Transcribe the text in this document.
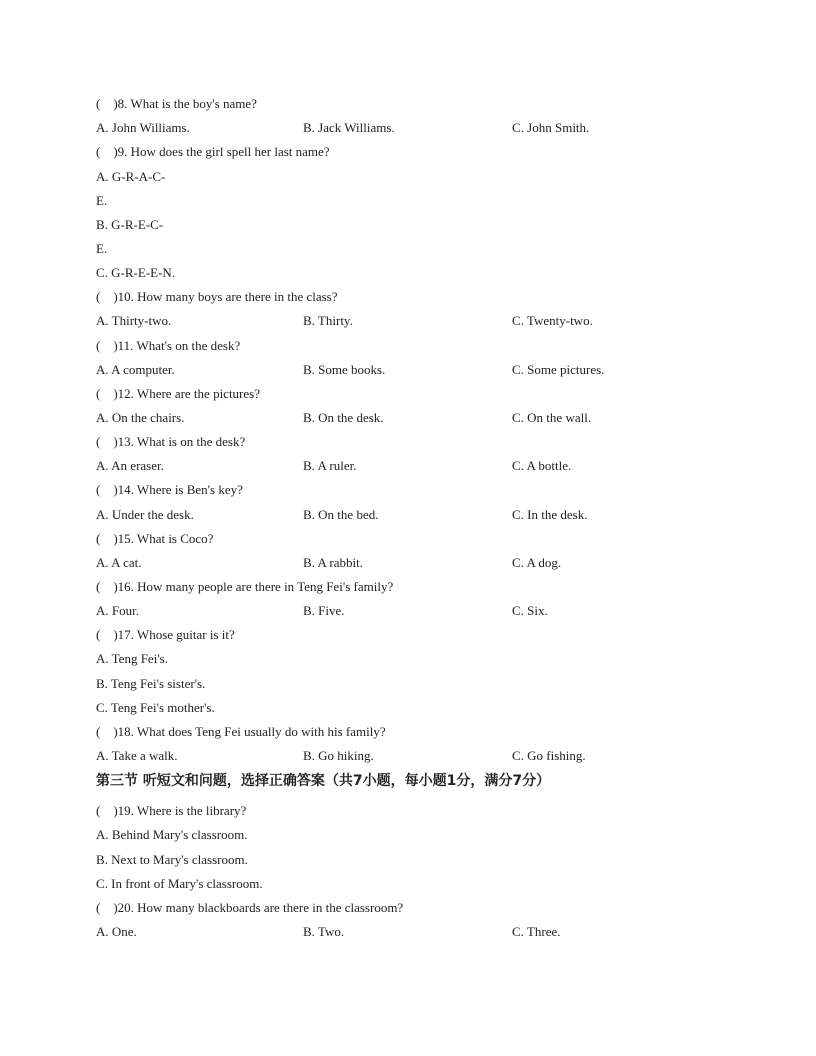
(    )8. What is the boy's name?
A. John Williams.	B. Jack Williams.	C. John Smith.
(    )9. How does the girl spell her last name?
A. G-R-A-C-
E.
B. G-R-E-C-
E.
C. G-R-E-E-N.
(    )10. How many boys are there in the class?
A. Thirty-two.	B. Thirty.	C. Twenty-two.
(    )11. What's on the desk?
A. A computer.	B. Some books.	C. Some pictures.
(    )12. Where are the pictures?
A. On the chairs.	B. On the desk.	C. On the wall.
(    )13. What is on the desk?
A. An eraser.	B. A ruler.	C. A bottle.
(    )14. Where is Ben's key?
A. Under the desk.	B. On the bed.	C. In the desk.
(    )15. What is Coco?
A. A cat.	B. A rabbit.	C. A dog.
(    )16. How many people are there in Teng Fei's family?
A. Four.	B. Five.	C. Six.
(    )17. Whose guitar is it?
A. Teng Fei's.
B. Teng Fei's sister's.
C. Teng Fei's mother's.
(    )18. What does Teng Fei usually do with his family?
A. Take a walk.	B. Go hiking.	C. Go fishing.
第三节 听短文和问题，选择正确答案（共7小题，每小题1分，满分7分）
(    )19. Where is the library?
A. Behind Mary's classroom.
B. Next to Mary's classroom.
C. In front of Mary's classroom.
(    )20. How many blackboards are there in the classroom?
A. One.	B. Two.	C. Three.
